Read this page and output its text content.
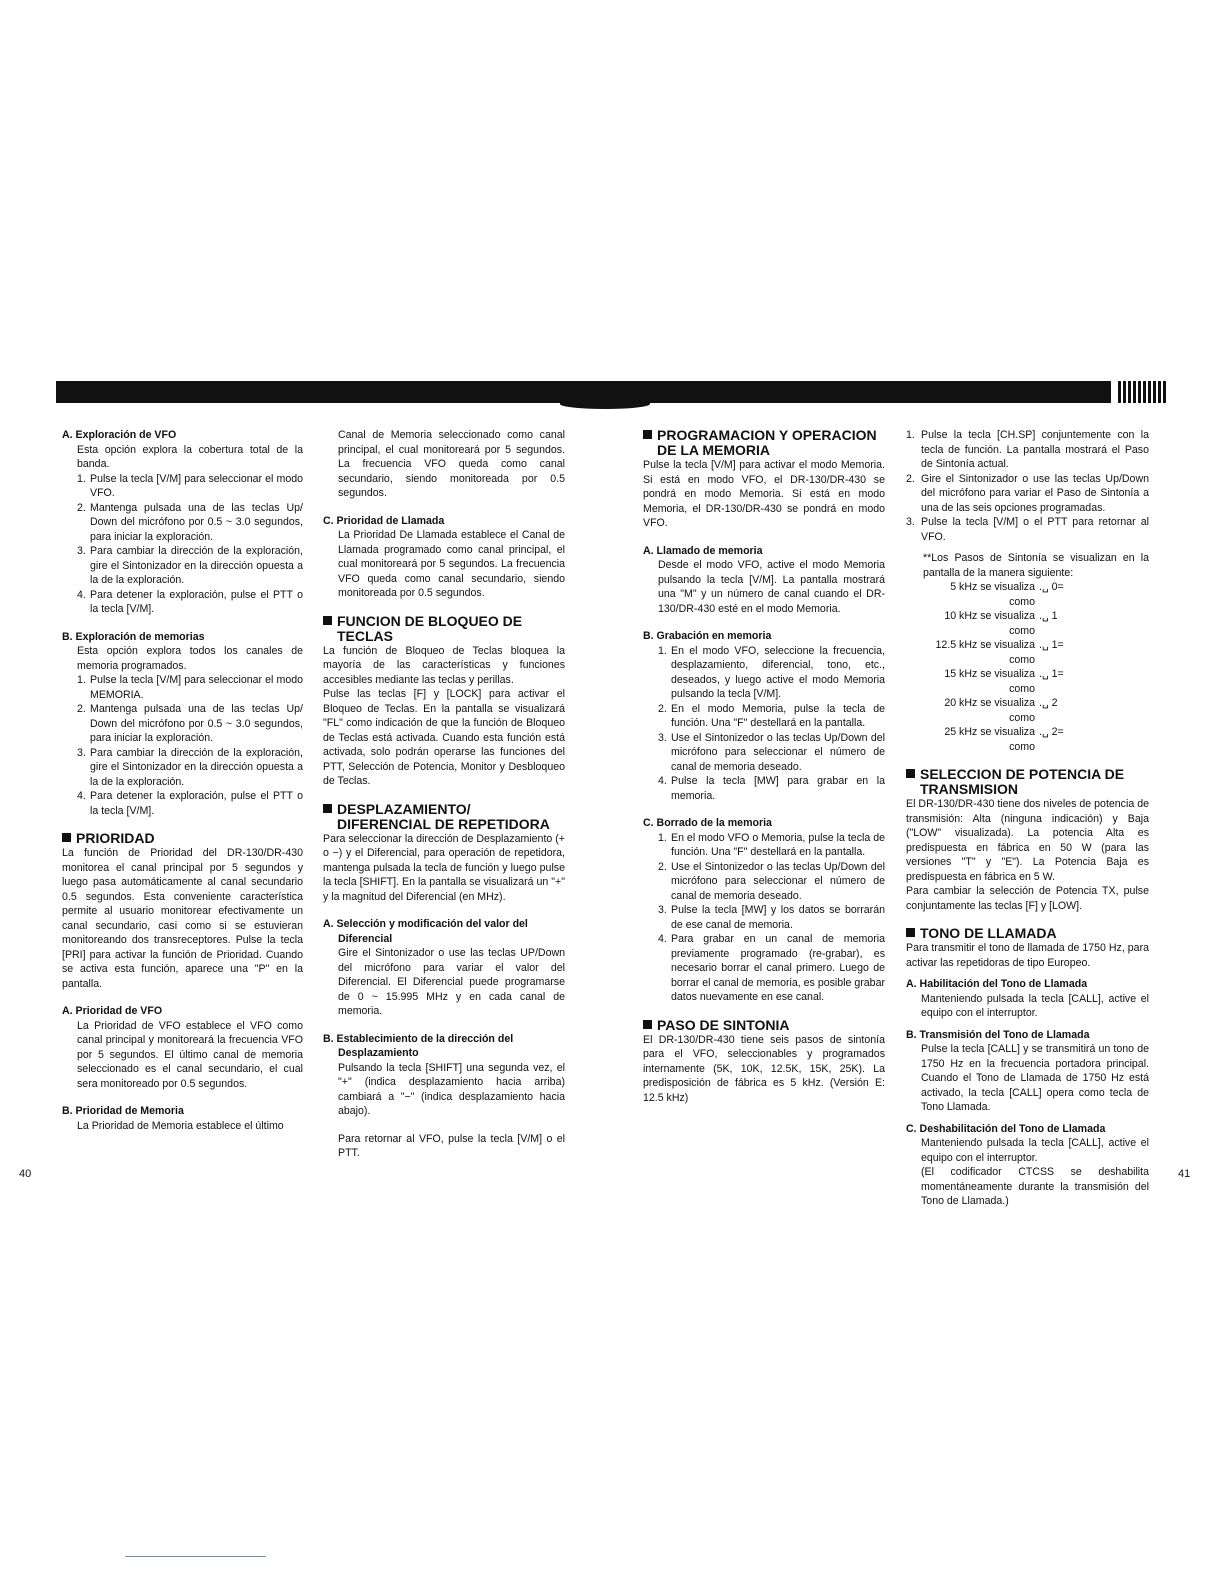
A. Exploración de VFO

Esta opción explora la cobertura total de la banda.

1. Pulse la tecla [V/M] para seleccionar el modo VFO.
2. Mantenga pulsada una de las teclas Up/ Down del micrófono por 0.5 ~ 3.0 segundos, para iniciar la exploración.
3. Para cambiar la dirección de la exploración, gire el Sintonizador en la dirección opuesta a la de la exploración.
4. Para detener la exploración, pulse el PTT o la tecla [V/M].

B. Exploración de memorias

Esta opción explora todos los canales de memoria programados.

1. Pulse la tecla [V/M] para seleccionar el modo MEMORIA.
2. Mantenga pulsada una de las teclas Up/ Down del micrófono por 0.5 ~ 3.0 segundos, para iniciar la exploración.
3. Para cambiar la dirección de la exploración, gire el Sintonizador en la dirección opuesta a la de la exploración.
4. Para detener la exploración, pulse el PTT o la tecla [V/M].

PRIORIDAD

La función de Prioridad del DR-130/DR-430 monitorea el canal principal por 5 segundos y luego pasa automáticamente al canal secundario 0.5 segundos. Esta conveniente característica permite al usuario monitorear efectivamente un canal secundario, casi como si se estuvieran monitoreando dos transreceptores. Pulse la tecla [PRI] para activar la función de Prioridad. Cuando se activa esta función, aparece una "P" en la pantalla.

A. Prioridad de VFO

La Prioridad de VFO establece el VFO como canal principal y monitoreará la frecuencia VFO por 5 segundos. El último canal de memoria seleccionado es el canal secundario, el cual sera monitoreado por 0.5 segundos.

B. Prioridad de Memoria

La Prioridad de Memoria establece el último

Canal de Memoria seleccionado como canal principal, el cual monitoreará por 5 segundos. La frecuencia VFO queda como canal secundario, siendo monitoreada por 0.5 segundos.

C. Prioridad de Llamada

La Prioridad De Llamada establece el Canal de Llamada programado como canal principal, el cual monitoreará por 5 segundos. La frecuencia VFO queda como canal secundario, siendo monitoreada por 0.5 segundos.

FUNCION DE BLOQUEO DE
TECLAS

La función de Bloqueo de Teclas bloquea la mayoría de las características y funciones accesibles mediante las teclas y perillas.

Pulse las teclas [F] y [LOCK] para activar el Bloqueo de Teclas. En la pantalla se visualizará "FL" como indicación de que la función de Bloqueo de Teclas está activada. Cuando esta función está activada, solo podrán operarse las funciones del PTT, Selección de Potencia, Monitor y Desbloqueo de Teclas.

DESPLAZAMIENTO/
DIFERENCIAL DE REPETIDORA

Para seleccionar la dirección de Desplazamiento (+ o −) y el Diferencial, para operación de repetidora, mantenga pulsada la tecla de función y luego pulse la tecla [SHIFT]. En la pantalla se visualizará un "+" y la magnitud del Diferencial (en MHz).

A. Selección y modificación del valor del Diferencial

Gire el Sintonizador o use las teclas UP/Down del micrófono para variar el valor del Diferencial. El Diferencial puede programarse de 0 ~ 15.995 MHz y en cada canal de memoria.

B. Establecimiento de la dirección del Desplazamiento

Pulsando la tecla [SHIFT] una segunda vez, el "+" (indica desplazamiento hacia arriba) cambiará a "−" (indica desplazamiento hacia abajo).

Para retornar al VFO, pulse la tecla [V/M] o el PTT.

PROGRAMACION Y OPERACION
DE LA MEMORIA

Pulse la tecla [V/M] para activar el modo Memoria. Si está en modo VFO, el DR-130/DR-430 se pondrá en modo Memoria. Si está en modo Memoria, el DR-130/DR-430 se pondrá en modo VFO.

A. Llamado de memoria

Desde el modo VFO, active el modo Memoria pulsando la tecla [V/M]. La pantalla mostrará una "M" y un número de canal cuando el DR-130/DR-430 esté en el modo Memoria.

B. Grabación en memoria

1. En el modo VFO, seleccione la frecuencia, desplazamiento, diferencial, tono, etc., deseados, y luego active el modo Memoria pulsando la tecla [V/M].
2. En el modo Memoria, pulse la tecla de función. Una "F" destellará en la pantalla.
3. Use el Sintonizedor o las teclas Up/Down del micrófono para seleccionar el número de canal de memoria deseado.
4. Pulse la tecla [MW] para grabar en la memoria.

C. Borrado de la memoria

1. En el modo VFO o Memoria, pulse la tecla de función. Una "F" destellará en la pantalla.
2. Use el Sintonizedor o las teclas Up/Down del micrófono para seleccionar el número de canal de memoria deseado.
3. Pulse la tecla [MW] y los datos se borrarán de ese canal de memoria.
4. Para grabar en un canal de memoria previamente programado (re-grabar), es necesario borrar el canal primero. Luego de borrar el canal de memoria, es posible grabar datos nuevamente en ese canal.

PASO DE SINTONIA

El DR-130/DR-430 tiene seis pasos de sintonía para el VFO, seleccionables y programados internamente (5K, 10K, 12.5K, 15K, 25K). La predisposición de fábrica es 5 kHz. (Versión E: 12.5 kHz)

1. Pulse la tecla [CH.SP] conjuntemente con la tecla de función. La pantalla mostrará el Paso de Sintonía actual.
2. Gire el Sintonizador o use las teclas Up/Down del micrófono para variar el Paso de Sintonía a una de las seis opciones programadas.
3. Pulse la tecla [V/M] o el PTT para retornar al VFO.

**Los Pasos de Sintonía se visualizan en la pantalla de la manera siguiente:

5 kHz se visualiza como
.␣ 0=
10 kHz se visualiza como
.␣ 1
12.5 kHz se visualiza como
.␣ 1=
15 kHz se visualiza como
.␣ 1=
20 kHz se visualiza como
.␣ 2
25 kHz se visualiza como
.␣ 2=

SELECCION DE POTENCIA DE
TRANSMISION

El DR-130/DR-430 tiene dos niveles de potencia de transmisión: Alta (ninguna indicación) y Baja ("LOW" visualizada). La potencia Alta es predispuesta en fábrica en 50 W (para las versiones "T" y "E"). La Potencia Baja es predispuesta en fábrica en 5 W.

Para cambiar la selección de Potencia TX, pulse conjuntamente las teclas [F] y [LOW].

TONO DE LLAMADA

Para transmitir el tono de llamada de 1750 Hz, para activar las repetidoras de tipo Europeo.

A. Habilitación del Tono de Llamada

Manteniendo pulsada la tecla [CALL], active el equipo con el interruptor.

B. Transmisión del Tono de Llamada

Pulse la tecla [CALL] y se transmitirá un tono de 1750 Hz en la frecuencia portadora principal. Cuando el Tono de Llamada de 1750 Hz está activado, la tecla [CALL] opera como tecla de Tono Llamada.

C. Deshabilitación del Tono de Llamada

Manteniendo pulsada la tecla [CALL], active el equipo con el interruptor.

(El codificador CTCSS se deshabilita momentáneamente durante la transmisión del Tono de Llamada.)

40	41
